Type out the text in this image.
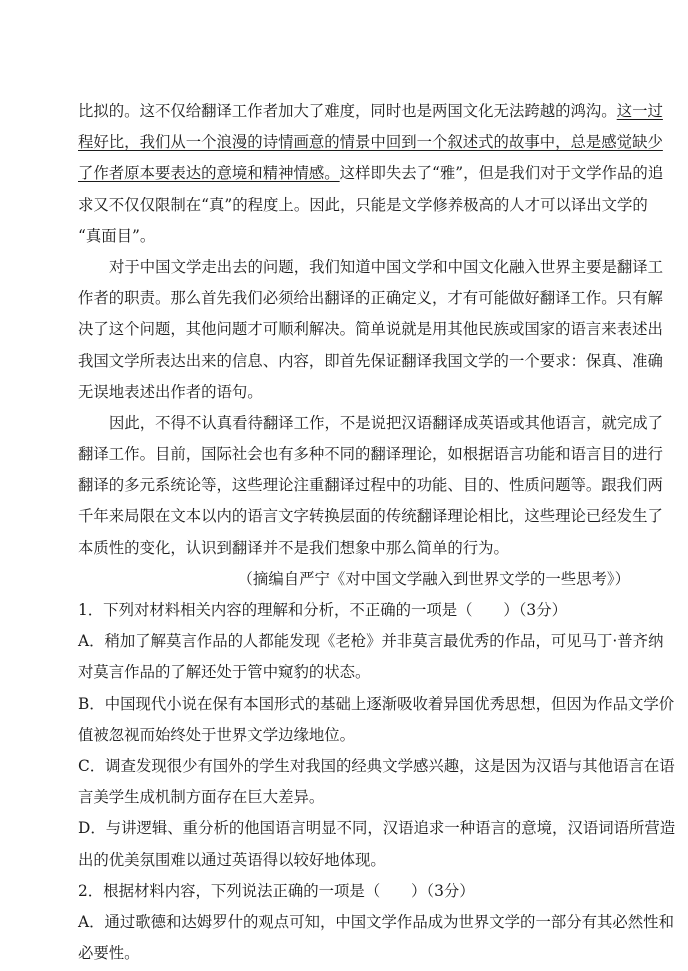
比拟的。这不仅给翻译工作者加大了难度，同时也是两国文化无法跨越的鸿沟。这一过
程好比，我们从一个浪漫的诗情画意的情景中回到一个叙述式的故事中，总是感觉缺少
了作者原本要表达的意境和精神情感。这样即失去了“雅”，但是我们对于文学作品的追
求又不仅仅限制在“真”的程度上。因此，只能是文学修养极高的人才可以译出文学的
“真面目”。
对于中国文学走出去的问题，我们知道中国文学和中国文化融入世界主要是翻译工
作者的职责。那么首先我们必须给出翻译的正确定义，才有可能做好翻译工作。只有解
决了这个问题，其他问题才可顺利解决。简单说就是用其他民族或国家的语言来表述出
我国文学所表达出来的信息、内容，即首先保证翻译我国文学的一个要求：保真、准确
无误地表述出作者的语句。
因此，不得不认真看待翻译工作，不是说把汉语翻译成英语或其他语言，就完成了
翻译工作。目前，国际社会也有多种不同的翻译理论，如根据语言功能和语言目的进行
翻译的多元系统论等，这些理论注重翻译过程中的功能、目的、性质问题等。跟我们两
千年来局限在文本以内的语言文字转换层面的传统翻译理论相比，这些理论已经发生了
本质性的变化，认识到翻译并不是我们想象中那么简单的行为。
（摘编自严宁《对中国文学融入到世界文学的一些思考》）
1．下列对材料相关内容的理解和分析，不正确的一项是（　　）（3分）
A．稍加了解莫言作品的人都能发现《老枪》并非莫言最优秀的作品，可见马丁·普齐纳
对莫言作品的了解还处于管中窥豹的状态。
B．中国现代小说在保有本国形式的基础上逐渐吸收着异国优秀思想，但因为作品文学价
值被忽视而始终处于世界文学边缘地位。
C．调查发现很少有国外的学生对我国的经典文学感兴趣，这是因为汉语与其他语言在语
言美学生成机制方面存在巨大差异。
D．与讲逻辑、重分析的他国语言明显不同，汉语追求一种语言的意境，汉语词语所营造
出的优美氛围难以通过英语得以较好地体现。
2．根据材料内容，下列说法正确的一项是（　　）（3分）
A．通过歌德和达姆罗什的观点可知，中国文学作品成为世界文学的一部分有其必然性和
必要性。
